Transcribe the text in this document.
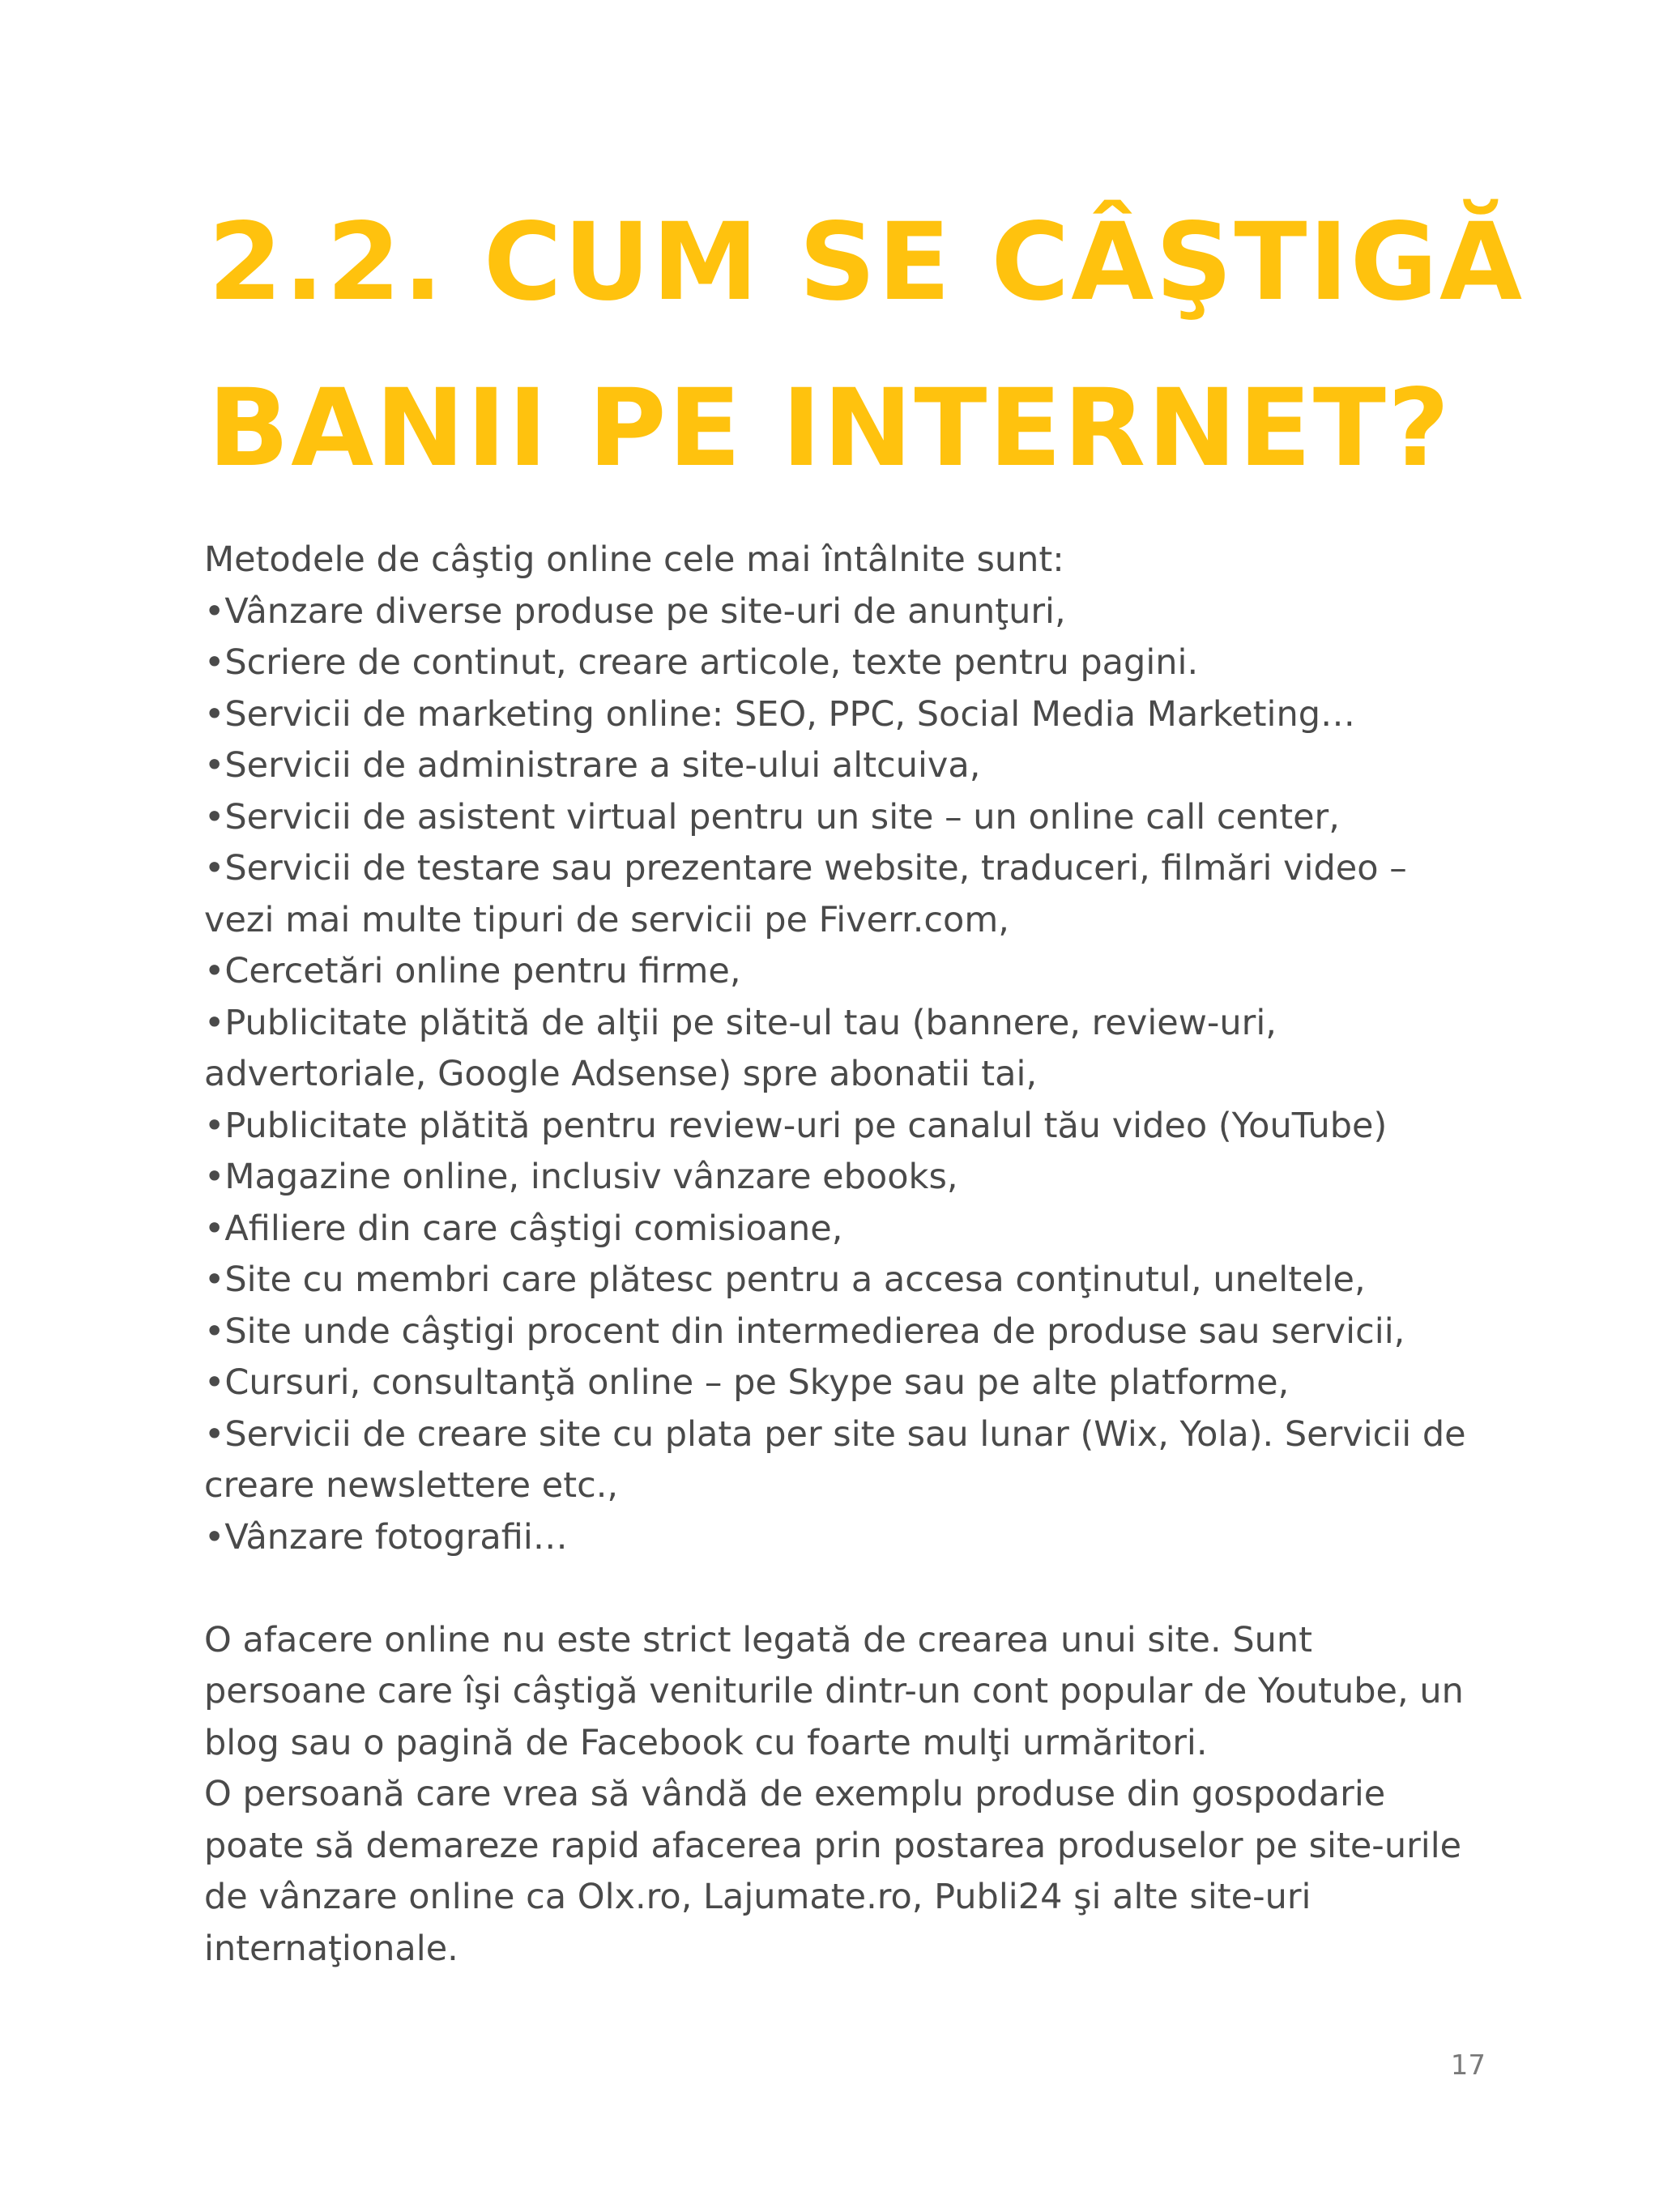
2.2. CUM SE CÂŞTIGĂ
BANII PE INTERNET?

Metodele de câştig online cele mai întâlnite sunt:

•Vânzare diverse produse pe site-uri de anunţuri,
•Scriere de continut, creare articole, texte pentru pagini.
•Servicii de marketing online: SEO, PPC, Social Media Marketing…
•Servicii de administrare a site-ului altcuiva,
•Servicii de asistent virtual pentru un site – un online call center,
•Servicii de testare sau prezentare website, traduceri, filmări video – vezi mai multe tipuri de servicii pe Fiverr.com,
•Cercetări online pentru firme,
•Publicitate plătită de alţii pe site-ul tau (bannere, review-uri, advertoriale, Google Adsense) spre abonatii tai,
•Publicitate plătită pentru review-uri pe canalul tău video (YouTube)
•Magazine online, inclusiv vânzare ebooks,
•Afiliere din care câştigi comisioane,
•Site cu membri care plătesc pentru a accesa conţinutul, uneltele,
•Site unde câştigi procent din intermedierea de produse sau servicii,
•Cursuri, consultanţă online – pe Skype sau pe alte platforme,
•Servicii de creare site cu plata per site sau lunar (Wix, Yola). Servicii de creare newslettere etc.,
•Vânzare fotografii…

O afacere online nu este strict legată de crearea unui site. Sunt persoane care îşi câştigă veniturile dintr-un cont popular de Youtube, un blog sau o pagină de Facebook cu foarte mulţi urmăritori.

O persoană care vrea să vândă de exemplu produse din gospodarie poate să demareze rapid afacerea prin postarea produselor pe site-urile de vânzare online ca Olx.ro, Lajumate.ro, Publi24 şi alte site-uri internaţionale.

17
